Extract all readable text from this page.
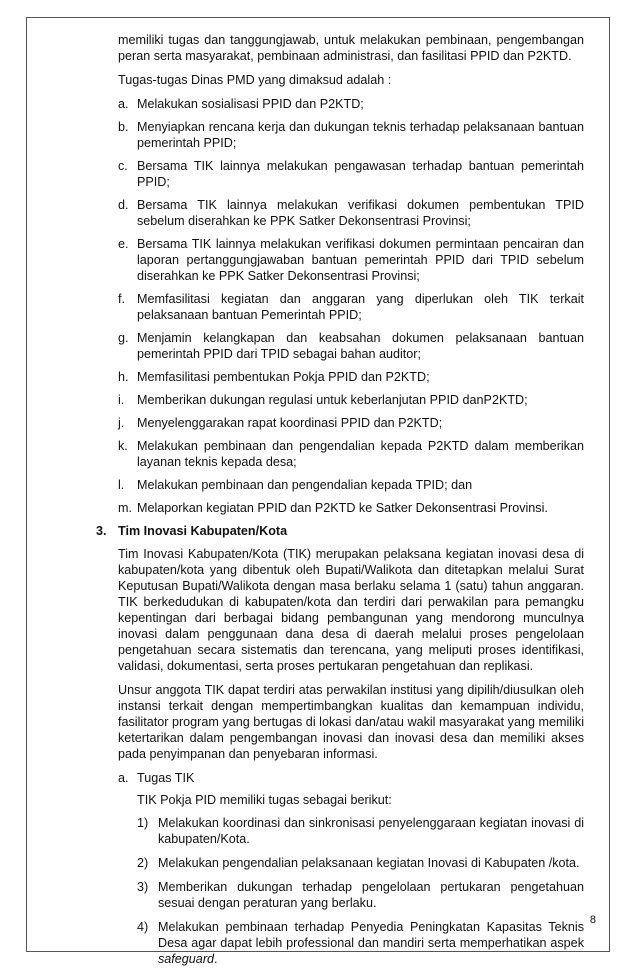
memiliki tugas dan tanggungjawab, untuk melakukan pembinaan, pengembangan peran serta masyarakat, pembinaan administrasi, dan fasilitasi PPID dan P2KTD.

Tugas-tugas Dinas PMD yang dimaksud adalah :

a. Melakukan sosialisasi PPID dan P2KTD;
b. Menyiapkan rencana kerja dan dukungan teknis terhadap pelaksanaan bantuan pemerintah PPID;
c. Bersama TIK lainnya melakukan pengawasan terhadap bantuan pemerintah PPID;
d. Bersama TIK lainnya melakukan verifikasi dokumen pembentukan TPID sebelum diserahkan ke PPK Satker Dekonsentrasi Provinsi;
e. Bersama TIK lainnya melakukan verifikasi dokumen permintaan pencairan dan laporan pertanggungjawaban bantuan pemerintah PPID dari TPID sebelum diserahkan ke PPK Satker Dekonsentrasi Provinsi;
f. Memfasilitasi kegiatan dan anggaran yang diperlukan oleh TIK terkait pelaksanaan bantuan Pemerintah PPID;
g. Menjamin kelangkapan dan keabsahan dokumen pelaksanaan bantuan pemerintah PPID dari TPID sebagai bahan auditor;
h. Memfasilitasi pembentukan Pokja PPID dan P2KTD;
i. Memberikan dukungan regulasi untuk keberlanjutan PPID danP2KTD;
j. Menyelenggarakan rapat koordinasi PPID dan P2KTD;
k. Melakukan pembinaan dan pengendalian kepada P2KTD dalam memberikan layanan teknis kepada desa;
l. Melakukan pembinaan dan pengendalian kepada TPID; dan
m. Melaporkan kegiatan PPID dan P2KTD ke Satker Dekonsentrasi Provinsi.
3. Tim Inovasi Kabupaten/Kota

Tim Inovasi Kabupaten/Kota (TIK) merupakan pelaksana kegiatan inovasi desa di kabupaten/kota yang dibentuk oleh Bupati/Walikota dan ditetapkan melalui Surat Keputusan Bupati/Walikota dengan masa berlaku selama 1 (satu) tahun anggaran. TIK berkedudukan di kabupaten/kota dan terdiri dari perwakilan para pemangku kepentingan dari berbagai bidang pembangunan yang mendorong munculnya inovasi dalam penggunaan dana desa di daerah melalui proses pengelolaan pengetahuan secara sistematis dan terencana, yang meliputi proses identifikasi, validasi, dokumentasi, serta proses pertukaran pengetahuan dan replikasi.

Unsur anggota TIK dapat terdiri atas perwakilan institusi yang dipilih/diusulkan oleh instansi terkait dengan mempertimbangkan kualitas dan kemampuan individu, fasilitator program yang bertugas di lokasi dan/atau wakil masyarakat yang memiliki ketertarikan dalam pengembangan inovasi dan inovasi desa dan memiliki akses pada penyimpanan dan penyebaran informasi.

a. Tugas TIK

TIK Pokja PID memiliki tugas sebagai berikut:

1) Melakukan koordinasi dan sinkronisasi penyelenggaraan kegiatan inovasi di kabupaten/Kota.
2) Melakukan pengendalian pelaksanaan kegiatan Inovasi di Kabupaten /kota.
3) Memberikan dukungan terhadap pengelolaan pertukaran pengetahuan sesuai dengan peraturan yang berlaku.
4) Melakukan pembinaan terhadap Penyedia Peningkatan Kapasitas Teknis Desa agar dapat lebih professional dan mandiri serta memperhatikan aspek safeguard.
8
